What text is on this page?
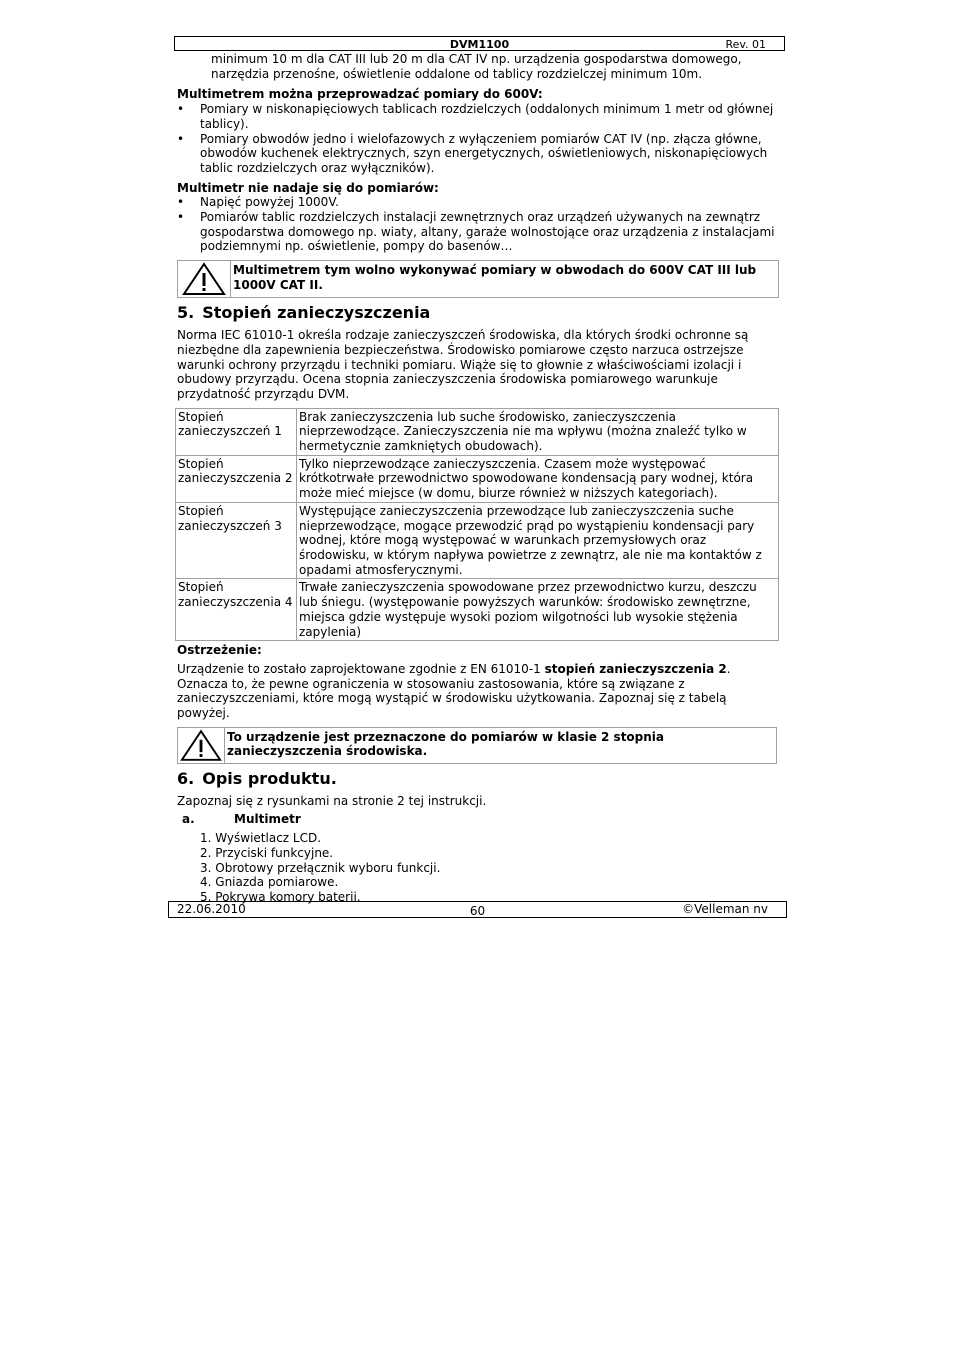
DVM1100	Rev. 01

minimum 10 m dla CAT III lub 20 m dla CAT IV np. urządzenia gospodarstwa domowego, narzędzia przenośne, oświetlenie oddalone od tablicy rozdzielczej minimum 10m.

Multimetrem można przeprowadzać pomiary do 600V:

• Pomiary w niskonapięciowych tablicach rozdzielczych (oddalonych minimum 1 metr od głównej tablicy).
• Pomiary obwodów jedno i wielofazowych z wyłączeniem pomiarów CAT IV (np. złącza główne, obwodów kuchenek elektrycznych, szyn energetycznych, oświetleniowych, niskonapięciowych tablic rozdzielczych oraz wyłączników).

Multimetr nie nadaje się do pomiarów:

• Napięć powyżej 1000V.
• Pomiarów tablic rozdzielczych instalacji zewnętrznych oraz urządzeń używanych na zewnątrz gospodarstwa domowego np. wiaty, altany, garaże wolnostojące oraz urządzenia z instalacjami podziemnymi np. oświetlenie, pompy do basenów…
Multimetrem tym wolno wykonywać pomiary w obwodach do 600V CAT III lub 1000V CAT II.
5. Stopień zanieczyszczenia

Norma IEC 61010-1 określa rodzaje zanieczyszczeń środowiska, dla których środki ochronne są niezbędne dla zapewnienia bezpieczeństwa. Środowisko pomiarowe często narzuca ostrzejsze warunki ochrony przyrządu i techniki pomiaru. Wiąże się to głownie z właściwościami izolacji i obudowy przyrządu. Ocena stopnia zanieczyszczenia środowiska pomiarowego warunkuje przydatność przyrządu DVM.

Stopień zanieczyszczeń 1	Brak zanieczyszczenia lub suche środowisko, zanieczyszczenia nieprzewodzące. Zanieczyszczenia nie ma wpływu (można znaleźć tylko w hermetycznie zamkniętych obudowach).
Stopień zanieczyszczenia 2	Tylko nieprzewodzące zanieczyszczenia. Czasem może występować krótkotrwałe przewodnictwo spowodowane kondensacją pary wodnej, która może mieć miejsce (w domu, biurze również w niższych kategoriach).
Stopień zanieczyszczeń 3	Występujące zanieczyszczenia przewodzące lub zanieczyszczenia suche nieprzewodzące, mogące przewodzić prąd po wystąpieniu kondensacji pary wodnej, które mogą występować w warunkach przemysłowych oraz środowisku, w którym napływa powietrze z zewnątrz, ale nie ma kontaktów z opadami atmosferycznymi.
Stopień zanieczyszczenia 4	Trwałe zanieczyszczenia spowodowane przez przewodnictwo kurzu, deszczu lub śniegu. (występowanie powyższych warunków: środowisko zewnętrzne, miejsca gdzie występuje wysoki poziom wilgotności lub wysokie stężenia zapylenia)

Ostrzeżenie:

Urządzenie to zostało zaprojektowane zgodnie z EN 61010-1 stopień zanieczyszczenia 2. Oznacza to, że pewne ograniczenia w stosowaniu zastosowania, które są związane z zanieczyszczeniami, które mogą wystąpić w środowisku użytkowania. Zapoznaj się z tabelą powyżej.

To urządzenie jest przeznaczone do pomiarów w klasie 2 stopnia zanieczyszczenia środowiska.
6. Opis produktu.

Zapoznaj się z rysunkami na stronie 2 tej instrukcji.

a.	Multimetr
1. Wyświetlacz LCD.
2. Przyciski funkcyjne.
3. Obrotowy przełącznik wyboru funkcji.
4. Gniazda pomiarowe.
5. Pokrywa komory baterii.
22.06.2010	60	©Velleman nv
